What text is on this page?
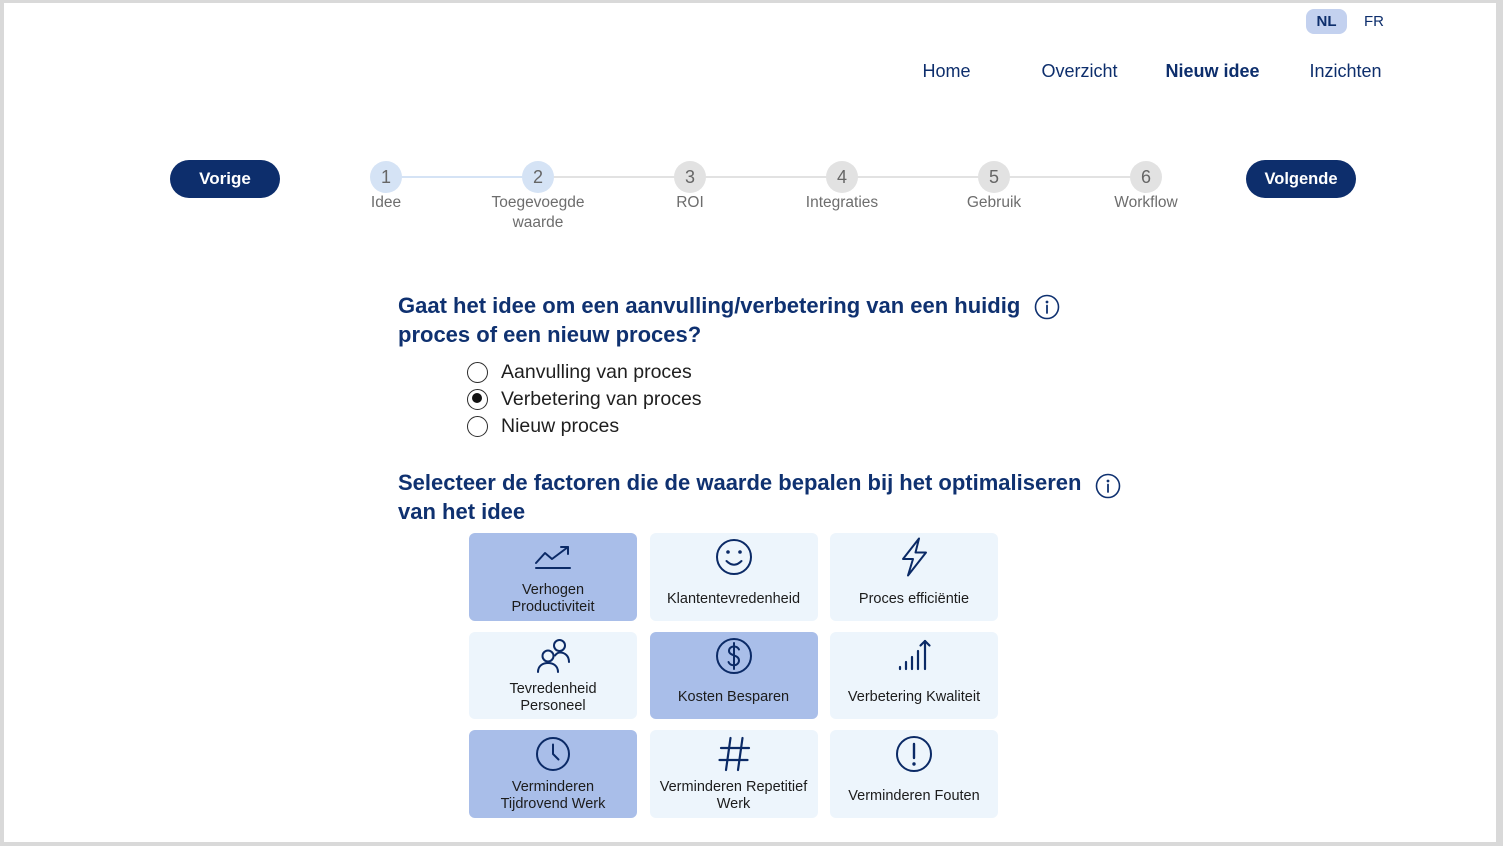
NL	FR
Home	Overzicht	Nieuw idee	Inzichten
Vorige	Volgende
1
Idee
2
Toegevoegde waarde
3
ROI
4
Integraties
5
Gebruik
6
Workflow
Gaat het idee om een aanvulling/verbetering van een huidig
proces of een nieuw proces?
Aanvulling van proces
Verbetering van proces
Nieuw proces
Selecteer de factoren die de waarde bepalen bij het optimaliseren
van het idee
Verhogen
Productiviteit
Klantentevredenheid	Proces efficiëntie
Tevredenheid
Personeel
Kosten Besparen	Verbetering Kwaliteit
Verminderen
Tijdrovend Werk
Verminderen Repetitief
Werk
Verminderen Fouten
